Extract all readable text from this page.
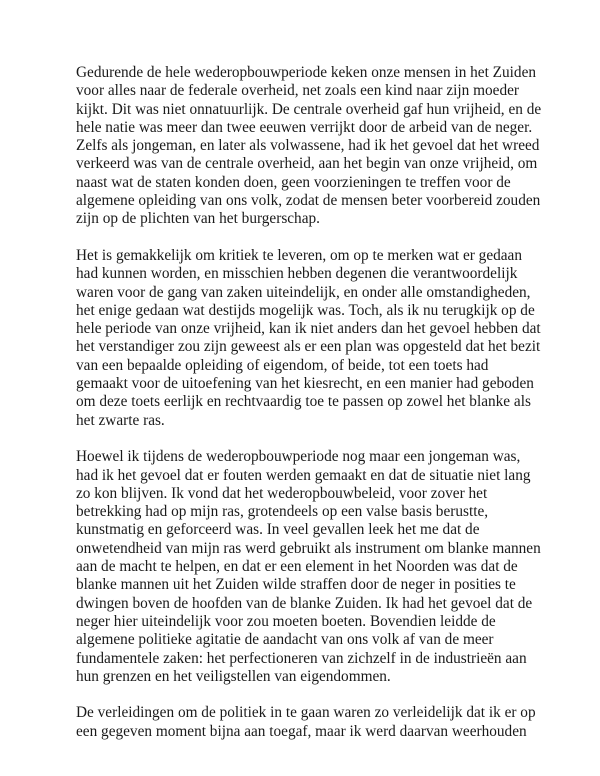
Gedurende de hele wederopbouwperiode keken onze mensen in het Zuiden
voor alles naar de federale overheid, net zoals een kind naar zijn moeder
kijkt. Dit was niet onnatuurlijk. De centrale overheid gaf hun vrijheid, en de
hele natie was meer dan twee eeuwen verrijkt door de arbeid van de neger.
Zelfs als jongeman, en later als volwassene, had ik het gevoel dat het wreed
verkeerd was van de centrale overheid, aan het begin van onze vrijheid, om
naast wat de staten konden doen, geen voorzieningen te treffen voor de
algemene opleiding van ons volk, zodat de mensen beter voorbereid zouden
zijn op de plichten van het burgerschap.

Het is gemakkelijk om kritiek te leveren, om op te merken wat er gedaan
had kunnen worden, en misschien hebben degenen die verantwoordelijk
waren voor de gang van zaken uiteindelijk, en onder alle omstandigheden,
het enige gedaan wat destijds mogelijk was. Toch, als ik nu terugkijk op de
hele periode van onze vrijheid, kan ik niet anders dan het gevoel hebben dat
het verstandiger zou zijn geweest als er een plan was opgesteld dat het bezit
van een bepaalde opleiding of eigendom, of beide, tot een toets had
gemaakt voor de uitoefening van het kiesrecht, en een manier had geboden
om deze toets eerlijk en rechtvaardig toe te passen op zowel het blanke als
het zwarte ras.

Hoewel ik tijdens de wederopbouwperiode nog maar een jongeman was,
had ik het gevoel dat er fouten werden gemaakt en dat de situatie niet lang
zo kon blijven. Ik vond dat het wederopbouwbeleid, voor zover het
betrekking had op mijn ras, grotendeels op een valse basis berustte,
kunstmatig en geforceerd was. In veel gevallen leek het me dat de
onwetendheid van mijn ras werd gebruikt als instrument om blanke mannen
aan de macht te helpen, en dat er een element in het Noorden was dat de
blanke mannen uit het Zuiden wilde straffen door de neger in posities te
dwingen boven de hoofden van de blanke Zuiden. Ik had het gevoel dat de
neger hier uiteindelijk voor zou moeten boeten. Bovendien leidde de
algemene politieke agitatie de aandacht van ons volk af van de meer
fundamentele zaken: het perfectioneren van zichzelf in de industrieën aan
hun grenzen en het veiligstellen van eigendommen.

De verleidingen om de politiek in te gaan waren zo verleidelijk dat ik er op
een gegeven moment bijna aan toegaf, maar ik werd daarvan weerhouden
